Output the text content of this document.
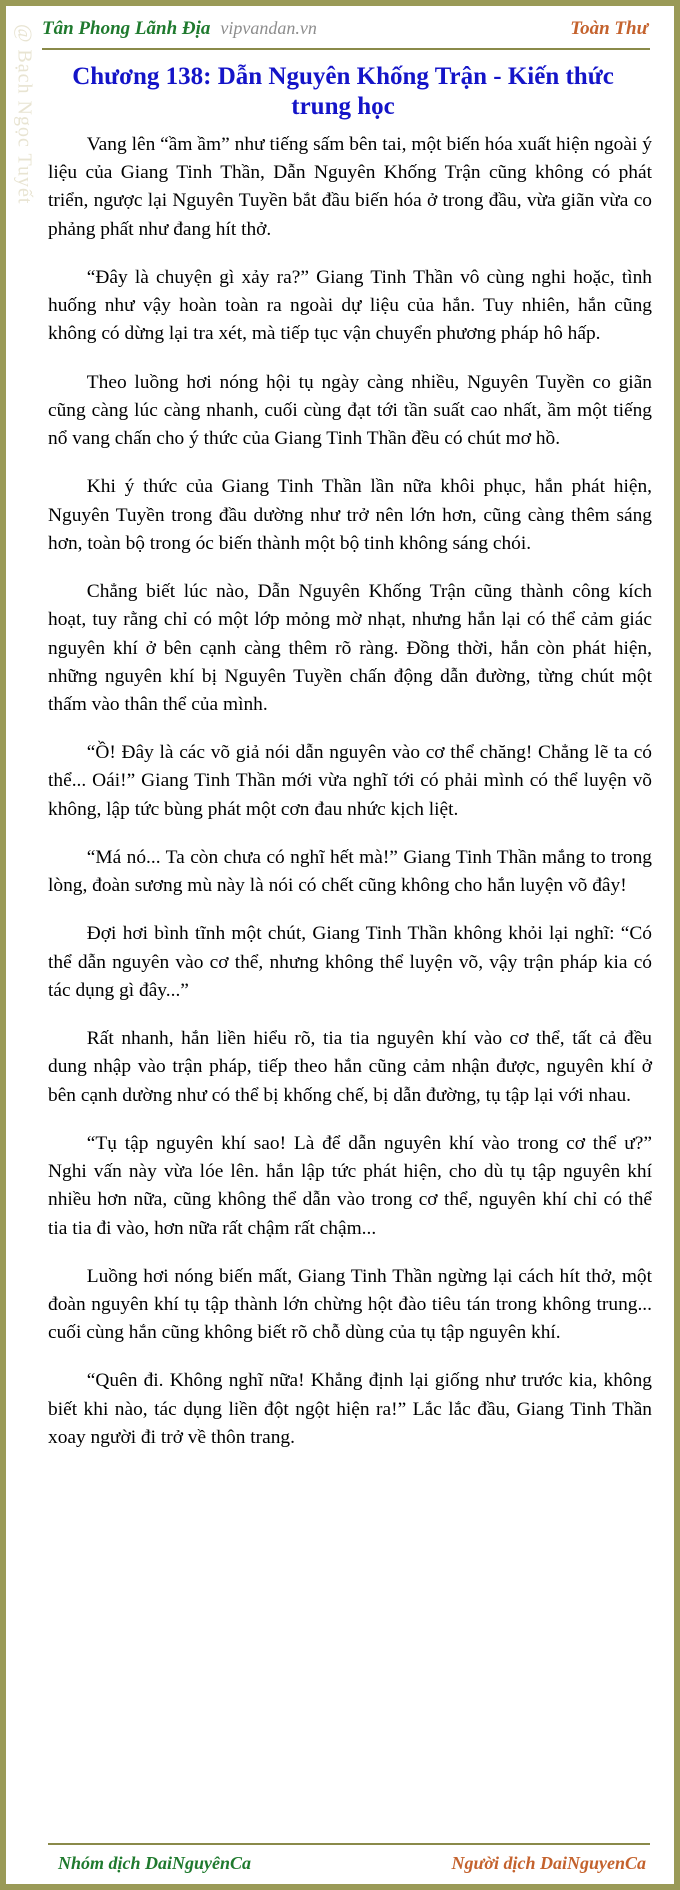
@ Bạch Ngọc Tuyết Tân Phong Lãnh Địa vipvandan.vn	Toàn Thư
Chương 138: Dẫn Nguyên Khống Trận - Kiến thức trung học

Vang lên “ầm ầm” như tiếng sấm bên tai, một biến hóa xuất hiện ngoài ý liệu của Giang Tinh Thần, Dẫn Nguyên Khống Trận cũng không có phát triển, ngược lại Nguyên Tuyền bắt đầu biến hóa ở trong đầu, vừa giãn vừa co phảng phất như đang hít thở.

“Đây là chuyện gì xảy ra?” Giang Tinh Thần vô cùng nghi hoặc, tình huống như vậy hoàn toàn ra ngoài dự liệu của hắn. Tuy nhiên, hắn cũng không có dừng lại tra xét, mà tiếp tục vận chuyển phương pháp hô hấp.

Theo luồng hơi nóng hội tụ ngày càng nhiều, Nguyên Tuyền co giãn cũng càng lúc càng nhanh, cuối cùng đạt tới tần suất cao nhất, ầm một tiếng nổ vang chấn cho ý thức của Giang Tinh Thần đều có chút mơ hồ.

Khi ý thức của Giang Tinh Thần lần nữa khôi phục, hắn phát hiện, Nguyên Tuyền trong đầu dường như trở nên lớn hơn, cũng càng thêm sáng hơn, toàn bộ trong óc biến thành một bộ tinh không sáng chói.

Chẳng biết lúc nào, Dẫn Nguyên Khống Trận cũng thành công kích hoạt, tuy rằng chỉ có một lớp mỏng mờ nhạt, nhưng hắn lại có thể cảm giác nguyên khí ở bên cạnh càng thêm rõ ràng. Đồng thời, hắn còn phát hiện, những nguyên khí bị Nguyên Tuyền chấn động dẫn đường, từng chút một thấm vào thân thể của mình.

“Ồ! Đây là các võ giả nói dẫn nguyên vào cơ thể chăng! Chẳng lẽ ta có thể... Oái!” Giang Tinh Thần mới vừa nghĩ tới có phải mình có thể luyện võ không, lập tức bùng phát một cơn đau nhức kịch liệt.

“Má nó... Ta còn chưa có nghĩ hết mà!” Giang Tinh Thần mắng to trong lòng, đoàn sương mù này là nói có chết cũng không cho hắn luyện võ đây!

Đợi hơi bình tĩnh một chút, Giang Tinh Thần không khỏi lại nghĩ: “Có thể dẫn nguyên vào cơ thể, nhưng không thể luyện võ, vậy trận pháp kia có tác dụng gì đây...”

Rất nhanh, hắn liền hiểu rõ, tia tia nguyên khí vào cơ thể, tất cả đều dung nhập vào trận pháp, tiếp theo hắn cũng cảm nhận được, nguyên khí ở bên cạnh dường như có thể bị khống chế, bị dẫn đường, tụ tập lại với nhau.

“Tụ tập nguyên khí sao! Là để dẫn nguyên khí vào trong cơ thể ư?” Nghi vấn này vừa lóe lên. hắn lập tức phát hiện, cho dù tụ tập nguyên khí nhiều hơn nữa, cũng không thể dẫn vào trong cơ thể, nguyên khí chỉ có thể tia tia đi vào, hơn nữa rất chậm rất chậm...

Luồng hơi nóng biến mất, Giang Tinh Thần ngừng lại cách hít thở, một đoàn nguyên khí tụ tập thành lớn chừng hột đào tiêu tán trong không trung... cuối cùng hắn cũng không biết rõ chỗ dùng của tụ tập nguyên khí.

“Quên đi. Không nghĩ nữa! Khẳng định lại giống như trước kia, không biết khi nào, tác dụng liền đột ngột hiện ra!” Lắc lắc đầu, Giang Tinh Thần xoay người đi trở về thôn trang.

Nhóm dịch DaiNguyênCa	Người dịch DaiNguyenCa
